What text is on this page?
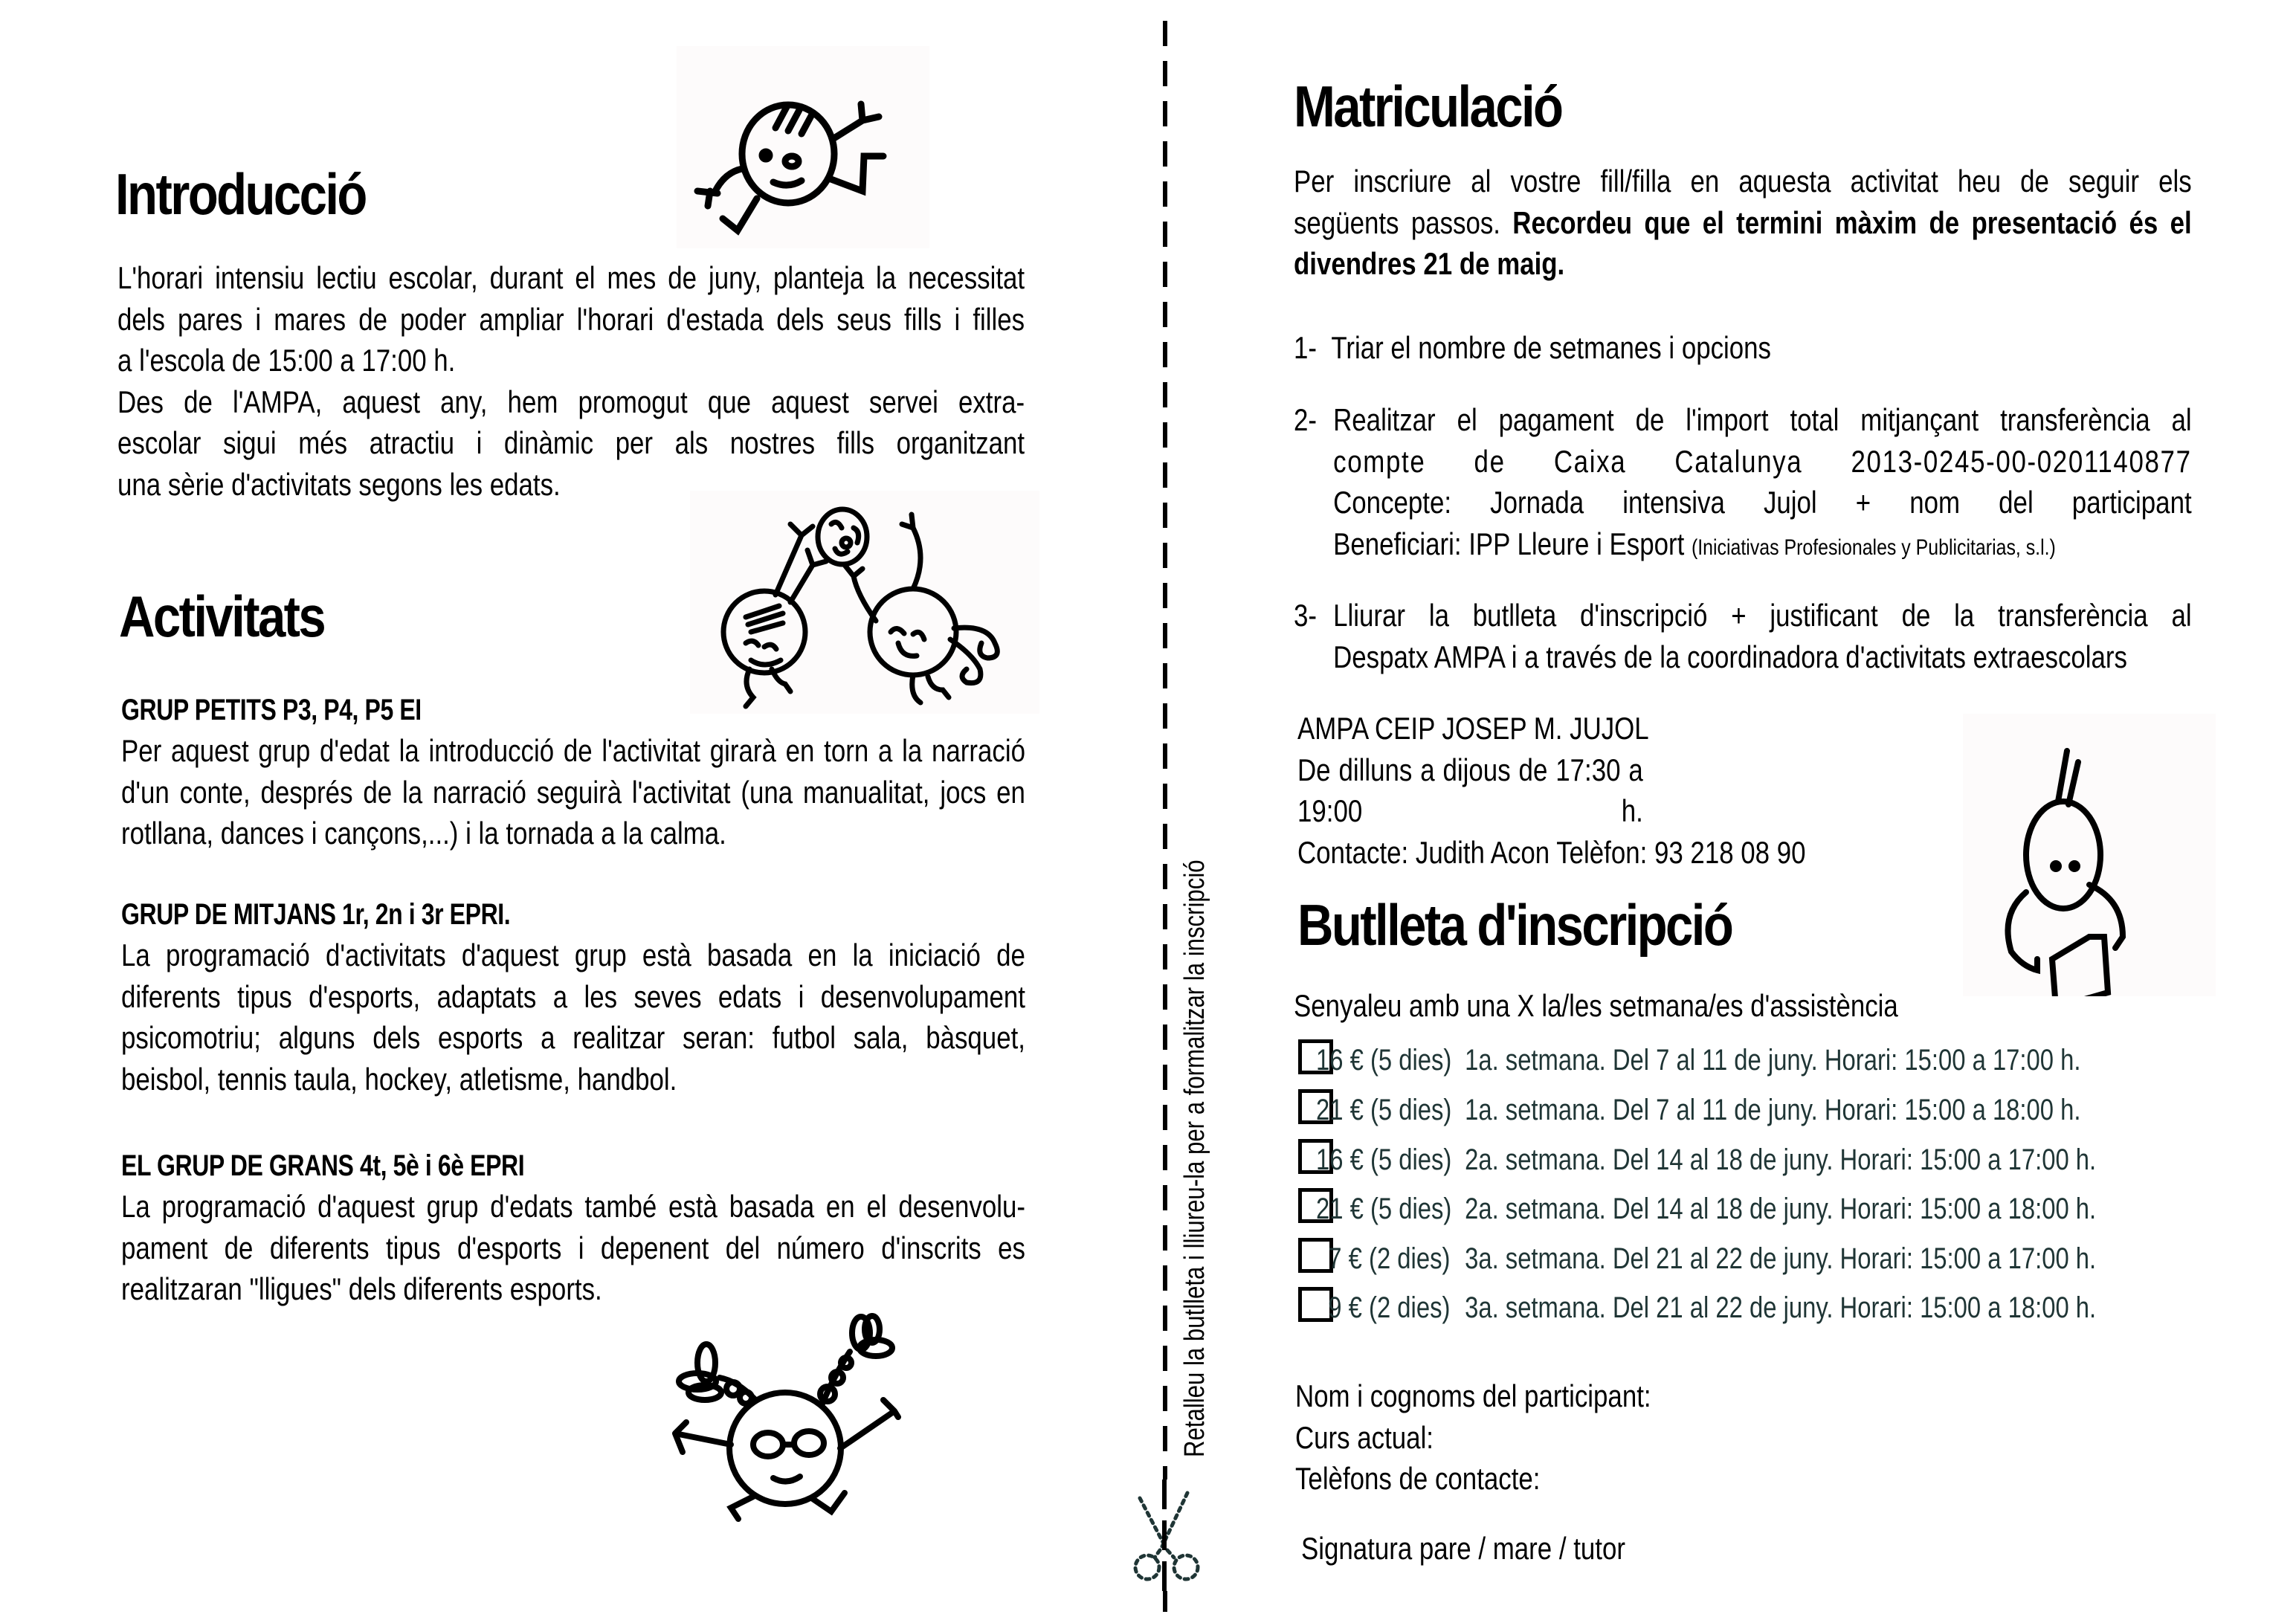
Introducció
L'horari intensiu lectiu escolar, durant el mes de juny, planteja la necessitat
dels pares i mares de poder ampliar l'horari d'estada dels seus fills i filles
a l'escola de 15:00 a 17:00 h.
Des de l'AMPA, aquest any, hem promogut que aquest servei extra-
escolar sigui més atractiu i dinàmic per als nostres fills organitzant
una sèrie d'activitats segons les edats.
Activitats
GRUP PETITS P3, P4, P5 EI
Per aquest grup d'edat la introducció de l'activitat girarà en torn a la narració
d'un conte, després de la narració seguirà l'activitat (una manualitat, jocs en
rotllana, dances i cançons,...) i la tornada a la calma.
GRUP DE MITJANS 1r, 2n i 3r EPRI.
La programació d'activitats d'aquest grup està basada en la iniciació de
diferents tipus d'esports, adaptats a les seves edats i desenvolupament
psicomotriu; alguns dels esports a realitzar seran: futbol sala, bàsquet,
beisbol, tennis taula, hockey, atletisme, handbol.
EL GRUP DE GRANS 4t, 5è i 6è EPRI
La programació d'aquest grup d'edats també està basada en el desenvolu-
pament de diferents tipus d'esports i depenent del número d'inscrits es
realitzaran "lligues" dels diferents esports.	Retalleu la butlleta i lliureu-la per a formalitzar la inscripció
Matriculació
Per inscriure al vostre fill/filla en aquesta activitat heu de seguir els
següents passos. Recordeu que el termini màxim de presentació és el
divendres 21 de maig.
1- Triar el nombre de setmanes i opcions
2- Realitzar el pagament de l'import total mitjançant transferència al
compte de Caixa Catalunya 2013-0245-00-0201140877
Concepte: Jornada intensiva Jujol + nom del participant
Beneficiari: IPP Lleure i Esport (Iniciativas Profesionales y Publicitarias, s.l.)
3- Lliurar la butlleta d'inscripció + justificant de la transferència al
Despatx AMPA i a través de la coordinadora d'activitats extraescolars
AMPA CEIP JOSEP M. JUJOL
De dilluns a dijous de 17:30 a 19:00 h.
Contacte: Judith Acon Telèfon: 93 218 08 90
Butlleta d'inscripció
Senyaleu amb una X la/les setmana/es d'assistència
16 € (5 dies) 1a. setmana. Del 7 al 11 de juny. Horari: 15:00 a 17:00 h.
21 € (5 dies) 1a. setmana. Del 7 al 11 de juny. Horari: 15:00 a 18:00 h.
16 € (5 dies) 2a. setmana. Del 14 al 18 de juny. Horari: 15:00 a 17:00 h.
21 € (5 dies) 2a. setmana. Del 14 al 18 de juny. Horari: 15:00 a 18:00 h.
7 € (2 dies) 3a. setmana. Del 21 al 22 de juny. Horari: 15:00 a 17:00 h.
9 € (2 dies) 3a. setmana. Del 21 al 22 de juny. Horari: 15:00 a 18:00 h.
Nom i cognoms del participant:
Curs actual:
Telèfons de contacte:
Signatura pare / mare / tutor
